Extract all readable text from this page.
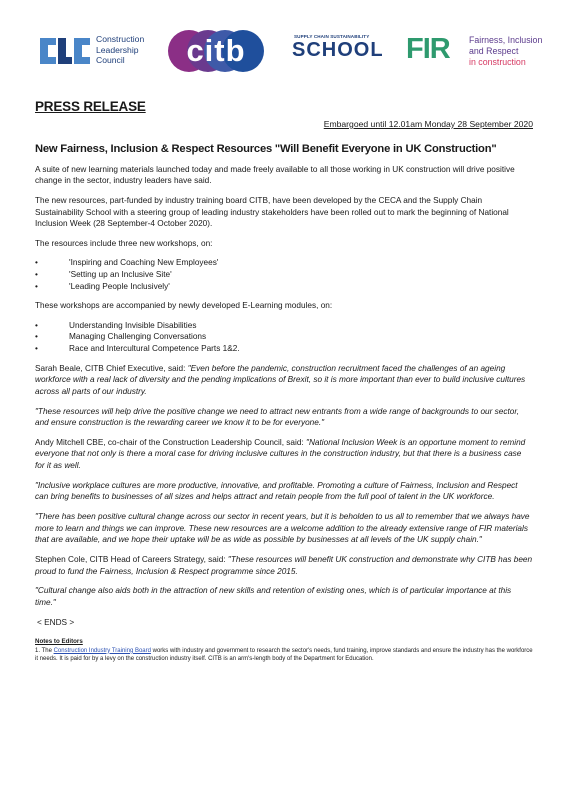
Construction
Leadership
Council	citb	SUPPLY CHAIN SUSTAINABILITY
SCHOOL FIR Fairness, Inclusion
and Respect
in construction
PRESS RELEASE
Embargoed until 12.01am Monday 28 September 2020
New Fairness, Inclusion & Respect Resources "Will Benefit Everyone in UK Construction"

A suite of new learning materials launched today and made freely available to all those working in UK construction will drive positive change in the sector, industry leaders have said.

The new resources, part-funded by industry training board CITB, have been developed by the CECA and the Supply Chain Sustainability School with a steering group of leading industry stakeholders have been rolled out to mark the beginning of National Inclusion Week (28 September-4 October 2020).

The resources include three new workshops, on:

• 'Inspiring and Coaching New Employees'
• 'Setting up an Inclusive Site'
• 'Leading People Inclusively'

These workshops are accompanied by newly developed E-Learning modules, on:

• Understanding Invisible Disabilities
• Managing Challenging Conversations
• Race and Intercultural Competence Parts 1&2.

Sarah Beale, CITB Chief Executive, said: "Even before the pandemic, construction recruitment faced the challenges of an ageing workforce with a real lack of diversity and the pending implications of Brexit, so it is more important than ever to build inclusive cultures across all parts of our industry.

"These resources will help drive the positive change we need to attract new entrants from a wide range of backgrounds to our sector, and ensure construction is the rewarding career we know it to be for everyone."

Andy Mitchell CBE, co-chair of the Construction Leadership Council, said: "National Inclusion Week is an opportune moment to remind everyone that not only is there a moral case for driving inclusive cultures in the construction industry, but that there is a business case for it as well.

"Inclusive workplace cultures are more productive, innovative, and profitable. Promoting a culture of Fairness, Inclusion and Respect can bring benefits to businesses of all sizes and helps attract and retain people from the full pool of talent in the UK workforce.

"There has been positive cultural change across our sector in recent years, but it is beholden to us all to remember that we always have more to learn and things we can improve. These new resources are a welcome addition to the already extensive range of FIR materials that are available, and we hope their uptake will be as wide as possible by businesses at all levels of the UK supply chain."

Stephen Cole, CITB Head of Careers Strategy, said: "These resources will benefit UK construction and demonstrate why CITB has been proud to fund the Fairness, Inclusion & Respect programme since 2015.

"Cultural change also aids both in the attraction of new skills and retention of existing ones, which is of particular importance at this time."

< ENDS >
Notes to Editors
1. The Construction Industry Training Board works with industry and government to research the sector's needs, fund training, improve standards and ensure the industry has the workforce it needs. It is paid for by a levy on the construction industry itself. CITB is an arm's-length body of the Department for Education.
